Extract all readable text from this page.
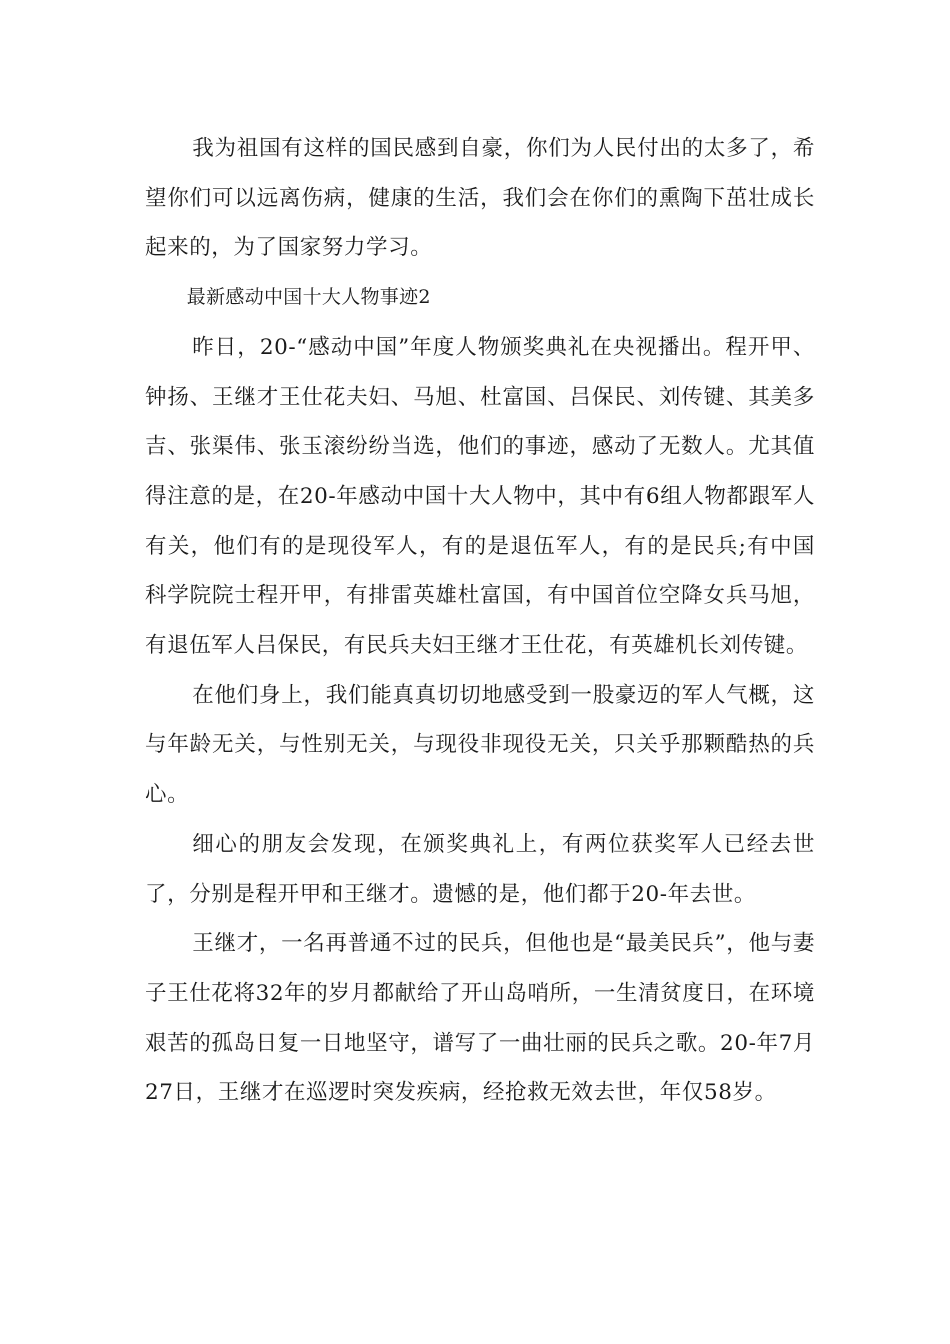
我为祖国有这样的国民感到自豪，你们为人民付出的太多了，希望你们可以远离伤病，健康的生活，我们会在你们的熏陶下茁壮成长起来的，为了国家努力学习。

最新感动中国十大人物事迹2

昨日，20-“感动中国”年度人物颁奖典礼在央视播出。程开甲、钟扬、王继才王仕花夫妇、马旭、杜富国、吕保民、刘传键、其美多吉、张渠伟、张玉滚纷纷当选，他们的事迹，感动了无数人。尤其值得注意的是，在20-年感动中国十大人物中，其中有6组人物都跟军人有关，他们有的是现役军人，有的是退伍军人，有的是民兵;有中国科学院院士程开甲，有排雷英雄杜富国，有中国首位空降女兵马旭，有退伍军人吕保民，有民兵夫妇王继才王仕花，有英雄机长刘传键。

在他们身上，我们能真真切切地感受到一股豪迈的军人气概，这与年龄无关，与性别无关，与现役非现役无关，只关乎那颗酷热的兵心。

细心的朋友会发现，在颁奖典礼上，有两位获奖军人已经去世了，分别是程开甲和王继才。遗憾的是，他们都于20-年去世。

王继才，一名再普通不过的民兵，但他也是“最美民兵”，他与妻子王仕花将32年的岁月都献给了开山岛哨所，一生清贫度日，在环境艰苦的孤岛日复一日地坚守，谱写了一曲壮丽的民兵之歌。20-年7月27日，王继才在巡逻时突发疾病，经抢救无效去世，年仅58岁。
